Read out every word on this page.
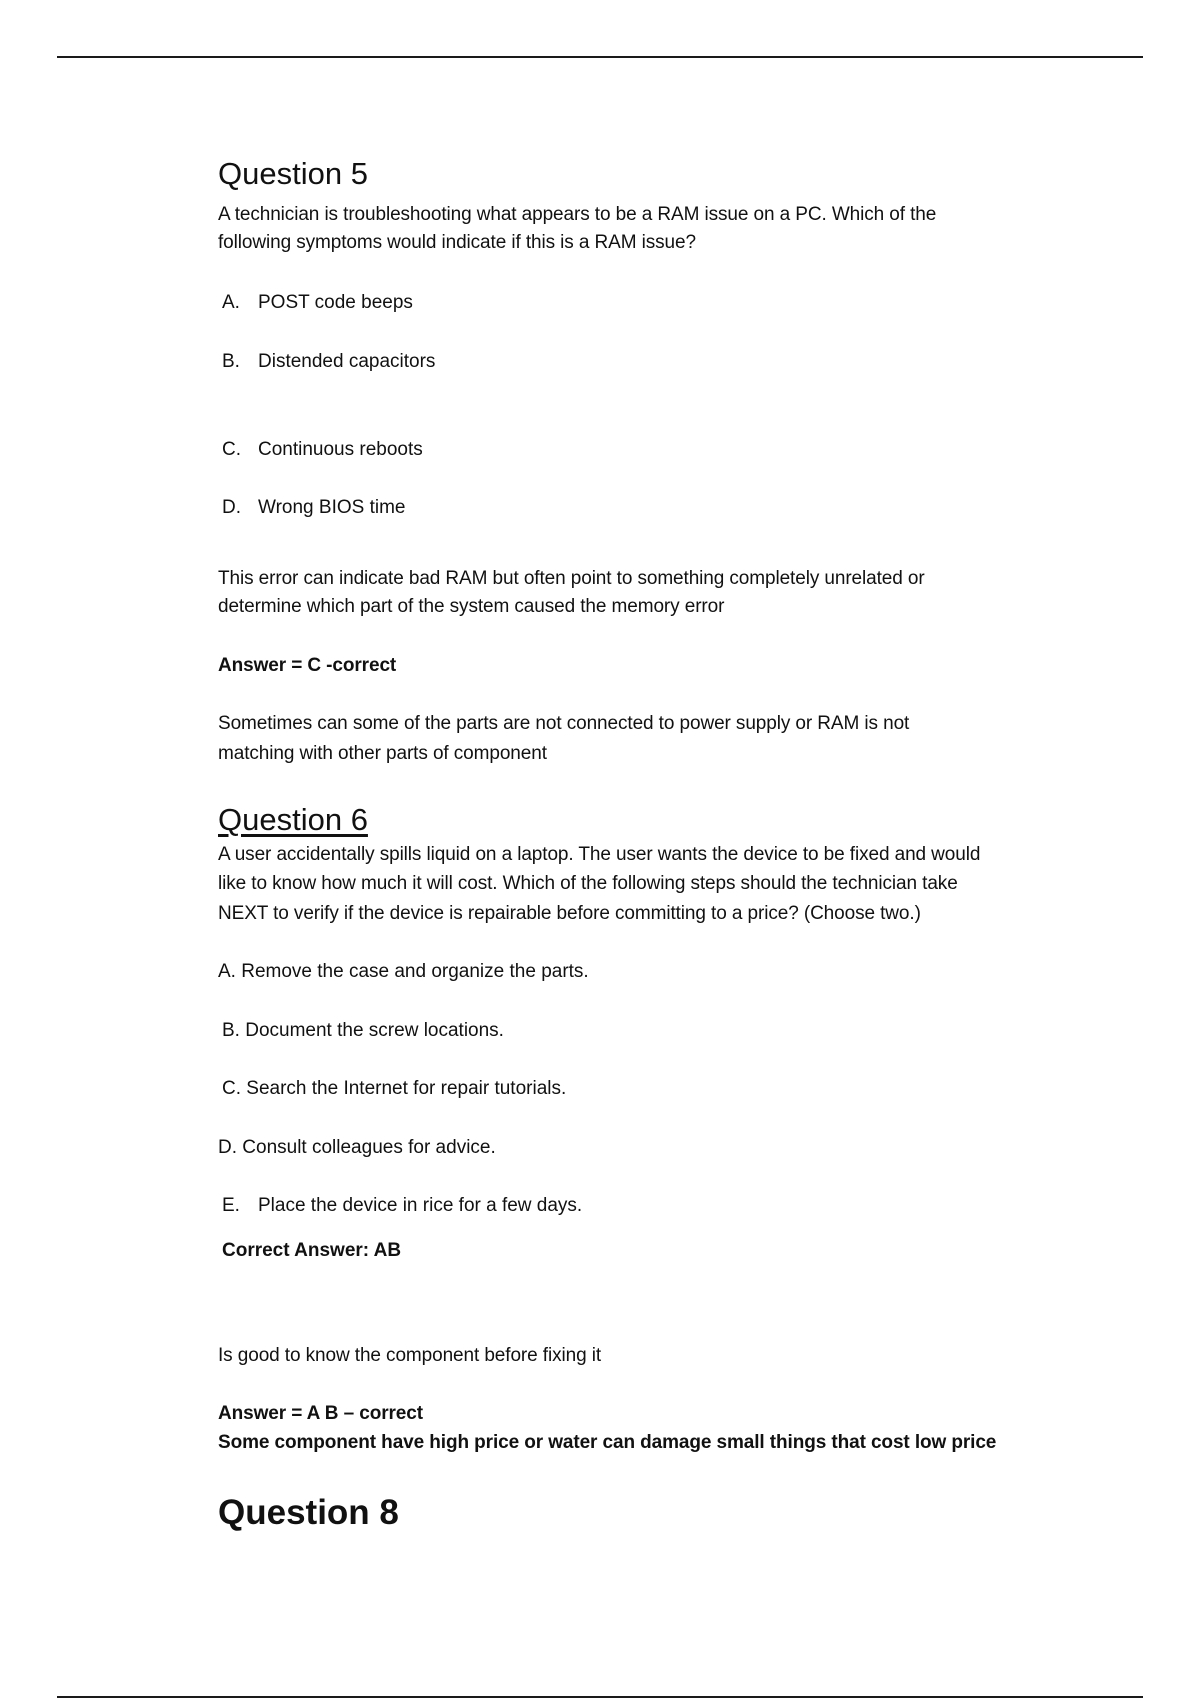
Question 5
A technician is troubleshooting what appears to be a RAM issue on a PC. Which of the
following symptoms would indicate if this is a RAM issue?
A. POST code beeps
B. Distended capacitors
C. Continuous reboots
D. Wrong BIOS time
This error can indicate bad RAM but often point to something completely unrelated or
determine which part of the system caused the memory error
Answer = C -correct
Sometimes can some of the parts are not connected to power supply or RAM is not
matching with other parts of component
Question 6
A user accidentally spills liquid on a laptop. The user wants the device to be fixed and would
like to know how much it will cost. Which of the following steps should the technician take
NEXT to verify if the device is repairable before committing to a price? (Choose two.)
A. Remove the case and organize the parts.
B. Document the screw locations.
C. Search the Internet for repair tutorials.
D. Consult colleagues for advice.
E. Place the device in rice for a few days.
Correct Answer: AB
Is good to know the component before fixing it
Answer = A B – correct
Some component have high price or water can damage small things that cost low price
Question 8
